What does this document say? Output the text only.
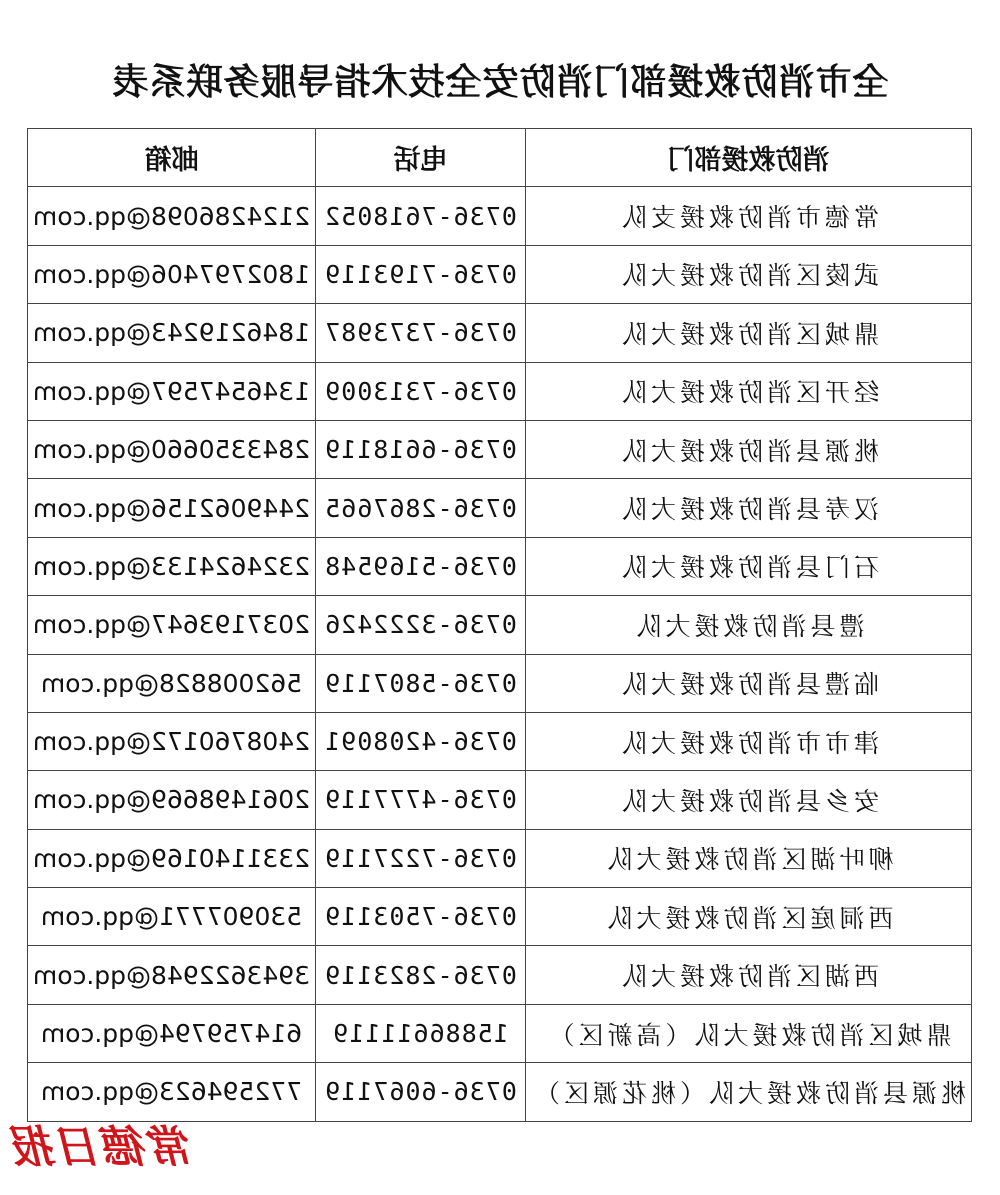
全市消防救援部门消防安全技术指导服务联系表
消防救援部门	电话	邮箱
常德市消防救援支队	0736-7618052	2124286098@qq.com
武陵区消防救援大队	0736-7193119	1802797406@qq.com
鼎城区消防救援大队	0736-7373987	1846219243@qq.com
经开区消防救援大队	0736-7313009	1346547597@qq.com
桃源县消防救援大队	0736-6618119	2843350660@qq.com
汉寿县消防救援大队	0736-2867665	2449062156@qq.com
石门县消防救援大队	0736-5169548	2324624133@qq.com
澧县消防救援大队	0736-3222426	2037193647@qq.com
临澧县消防救援大队	0736-5807119	562008828@qq.com
津市市消防救援大队	0736-4208091	2408760172@qq.com
安乡县消防救援大队	0736-4777119	2061498669@qq.com
柳叶湖区消防救援大队	0736-7227119	2331140169@qq.com
西洞庭区消防救援大队	0736-7503119	530907771@qq.com
西湖区消防救援大队	0736-2823119	3943622948@qq.com
鼎城区消防救援大队（高新区）	15886611119	614759794@qq.com
桃源县消防救援大队（桃花源区）	0736-6067119	772594623@qq.com
常德日报
